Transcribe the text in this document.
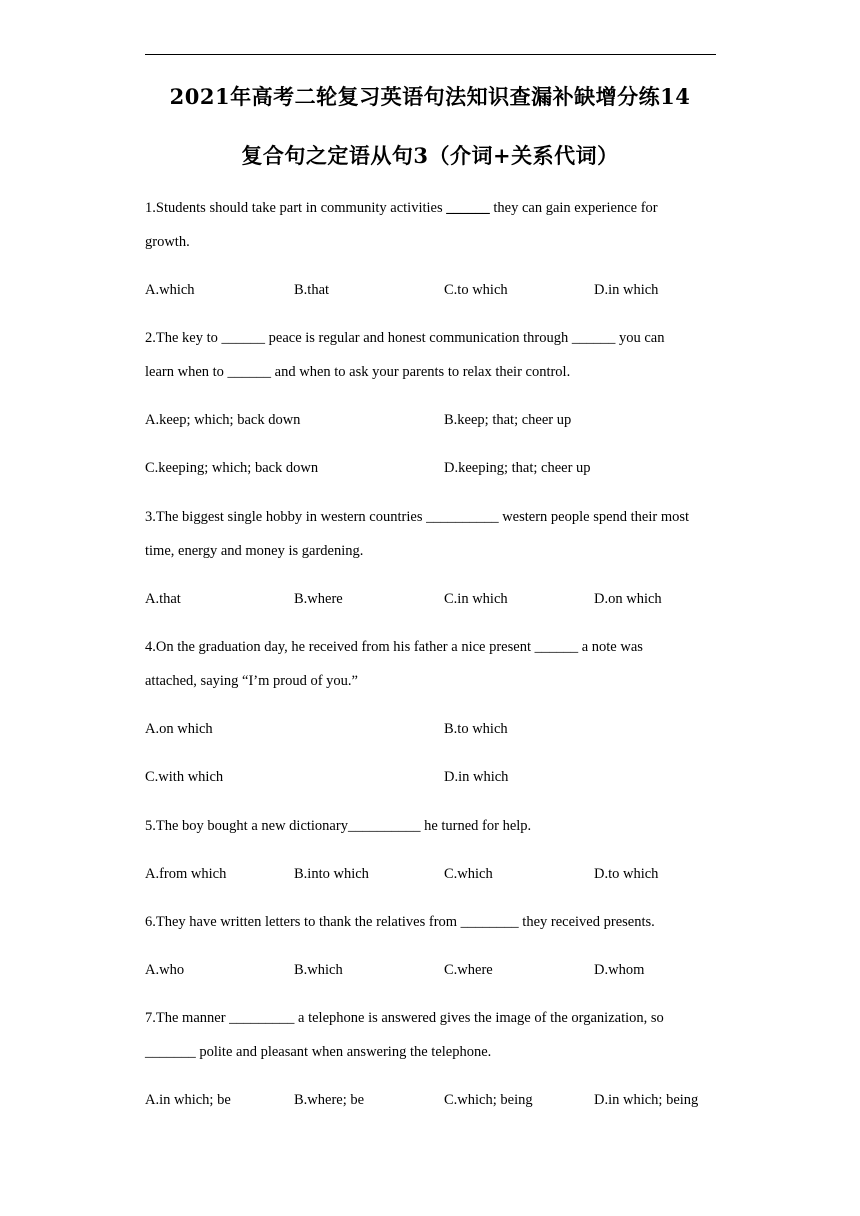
2021年高考二轮复习英语句法知识查漏补缺增分练14
复合句之定语从句3（介词+关系代词）
1.Students should take part in community activities ______ they can gain experience for
growth.
A.which	B.that	C.to which	D.in which
2.The key to ______ peace is regular and honest communication through ______ you can
learn when to ______ and when to ask your parents to relax their control.
A.keep; which; back down	B.keep; that; cheer up
C.keeping; which; back down	D.keeping; that; cheer up
3.The biggest single hobby in western countries __________ western people spend their most
time, energy and money is gardening.
A.that	B.where	C.in which	D.on which
4.On the graduation day, he received from his father a nice present ______ a note was
attached, saying “I’m proud of you.”
A.on which	B.to which
C.with which	D.in which
5.The boy bought a new dictionary__________ he turned for help.
A.from which	B.into which	C.which	D.to which
6.They have written letters to thank the relatives from ________ they received presents.
A.who	B.which	C.where	D.whom
7.The manner _________ a telephone is answered gives the image of the organization, so
_______ polite and pleasant when answering the telephone.
A.in which; be	B.where; be	C.which; being	D.in which; being
